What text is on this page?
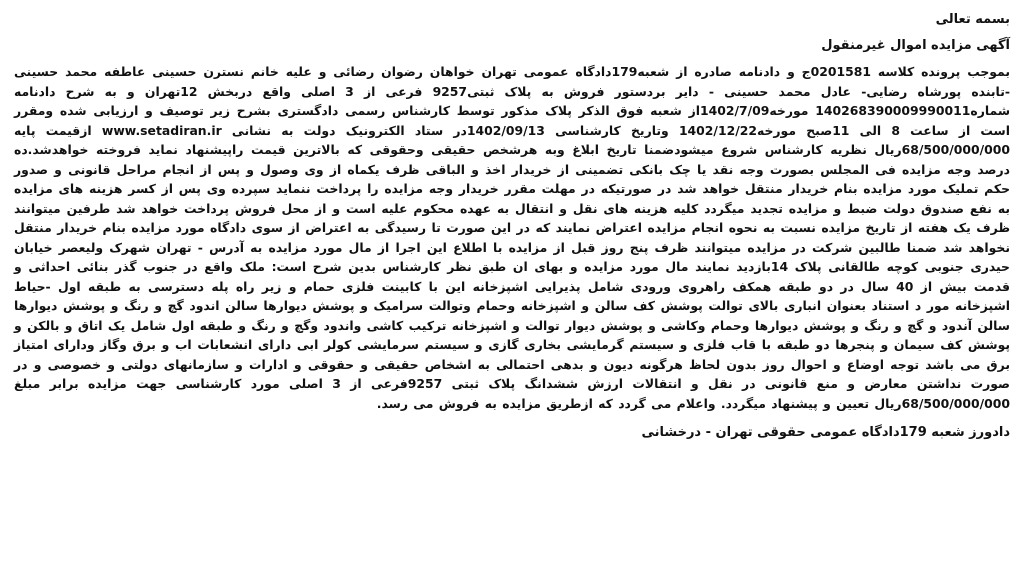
بسمه تعالی

آگهی مزایده اموال غیرمنقول

بموجب پرونده کلاسه 0201581ج و دادنامه صادره از شعبه179دادگاه عمومی تهران خواهان رضوان رضائی و علیه خانم نسترن حسینی عاطفه محمد حسینی -تابنده پورشاه رضایی- عادل محمد حسینی - دایر بردستور فروش به پلاک ثبتی9257 فرعی از 3 اصلی واقع دربخش 12تهران و به شرح دادنامه شماره140268390009990011 مورخه1402/7/09از شعبه فوق الذکر پلاک مذکور توسط کارشناس رسمی دادگستری بشرح زیر توصیف و ارزیابی شده ومقرر است از ساعت 8 الی 11صبح مورخه1402/12/22 وتاریخ کارشناسی 1402/09/13در ستاد الکترونیک دولت به نشانی www.setadiran.ir ازقیمت پایه 68/500/000/000ریال نظریه کارشناس شروع میشودضمنا تاریخ ابلاغ وبه هرشخص حقیقی وحقوقی که بالاترین قیمت راپیشنهاد نماید فروخته خواهدشد.ده درصد وجه مزایده فی المجلس بصورت وجه نقد یا چک بانکی تضمینی از خریدار اخذ و الباقی ظرف یکماه از وی وصول و پس از انجام مراحل قانونی و صدور حکم تملیک مورد مزایده بنام خریدار منتقل خواهد شد در صورتیکه در مهلت مقرر خریدار وجه مزایده را پرداخت ننماید سپرده وی پس از کسر هزینه های مزایده به نفع صندوق دولت ضبط و مزایده تجدید میگردد کلیه هزینه های نقل و انتقال به عهده محکوم علیه است و از محل فروش پرداخت خواهد شد طرفین میتوانند ظرف یک هفته از تاریخ مزایده نسبت به نحوه انجام مزایده اعتراض نمایند که در این صورت تا رسیدگی به اعتراض از سوی دادگاه مورد مزایده بنام خریدار منتقل نخواهد شد ضمنا طالبین شرکت در مزایده میتوانند ظرف پنج روز قبل از مزایده با اطلاع این اجرا از مال مورد مزایده به آدرس - تهران شهرک ولیعصر خیابان حیدری جنوبی کوچه طالقانی پلاک 14بازدید نمایند مال مورد مزایده و بهای ان طبق نظر کارشناس بدین شرح است: ملک واقع در جنوب گذر بنائی احداثی و قدمت بیش از 40 سال در دو طبقه همکف راهروی ورودی شامل پذیرایی اشپزخانه این با کابینت فلزی حمام و زیر راه پله دسترسی به طبقه اول -حیاط اشپزخانه مور د استناد بعنوان انباری بالای توالت پوشش کف سالن و اشپزخانه وحمام وتوالت سرامیک و پوشش دیوارها سالن اندود گچ و رنگ و پوشش دیوارها سالن آندود و گچ و رنگ و پوشش دیوارها وحمام وکاشی و پوشش دیوار توالت و اشپزخانه ترکیب کاشی واندود وگچ و رنگ و طبقه اول شامل یک اتاق و بالکن و پوشش کف سیمان و پنجرها دو طبقه با قاب فلزی و سیستم گرمایشی بخاری گازی و سیستم سرمایشی کولر ابی دارای انشعابات اب و برق وگاز ودارای امتیاز برق می باشد توجه اوضاع و احوال روز بدون لحاظ هرگونه دیون و بدهی احتمالی به اشخاص حقیقی و حقوقی و ادارات و سازمانهای دولتی و خصوصی و در صورت نداشتن معارض و منع قانونی در نقل و انتقالات ارزش ششدانگ پلاک ثبتی 9257فرعی از 3 اصلی مورد کارشناسی جهت مزایده برابر مبلغ 68/500/000/000ریال تعیین و پیشنهاد میگردد. واعلام می گردد که ازطریق مزایده به فروش می رسد.

دادورز شعبه 179دادگاه عمومی حقوقی تهران - درخشانی
